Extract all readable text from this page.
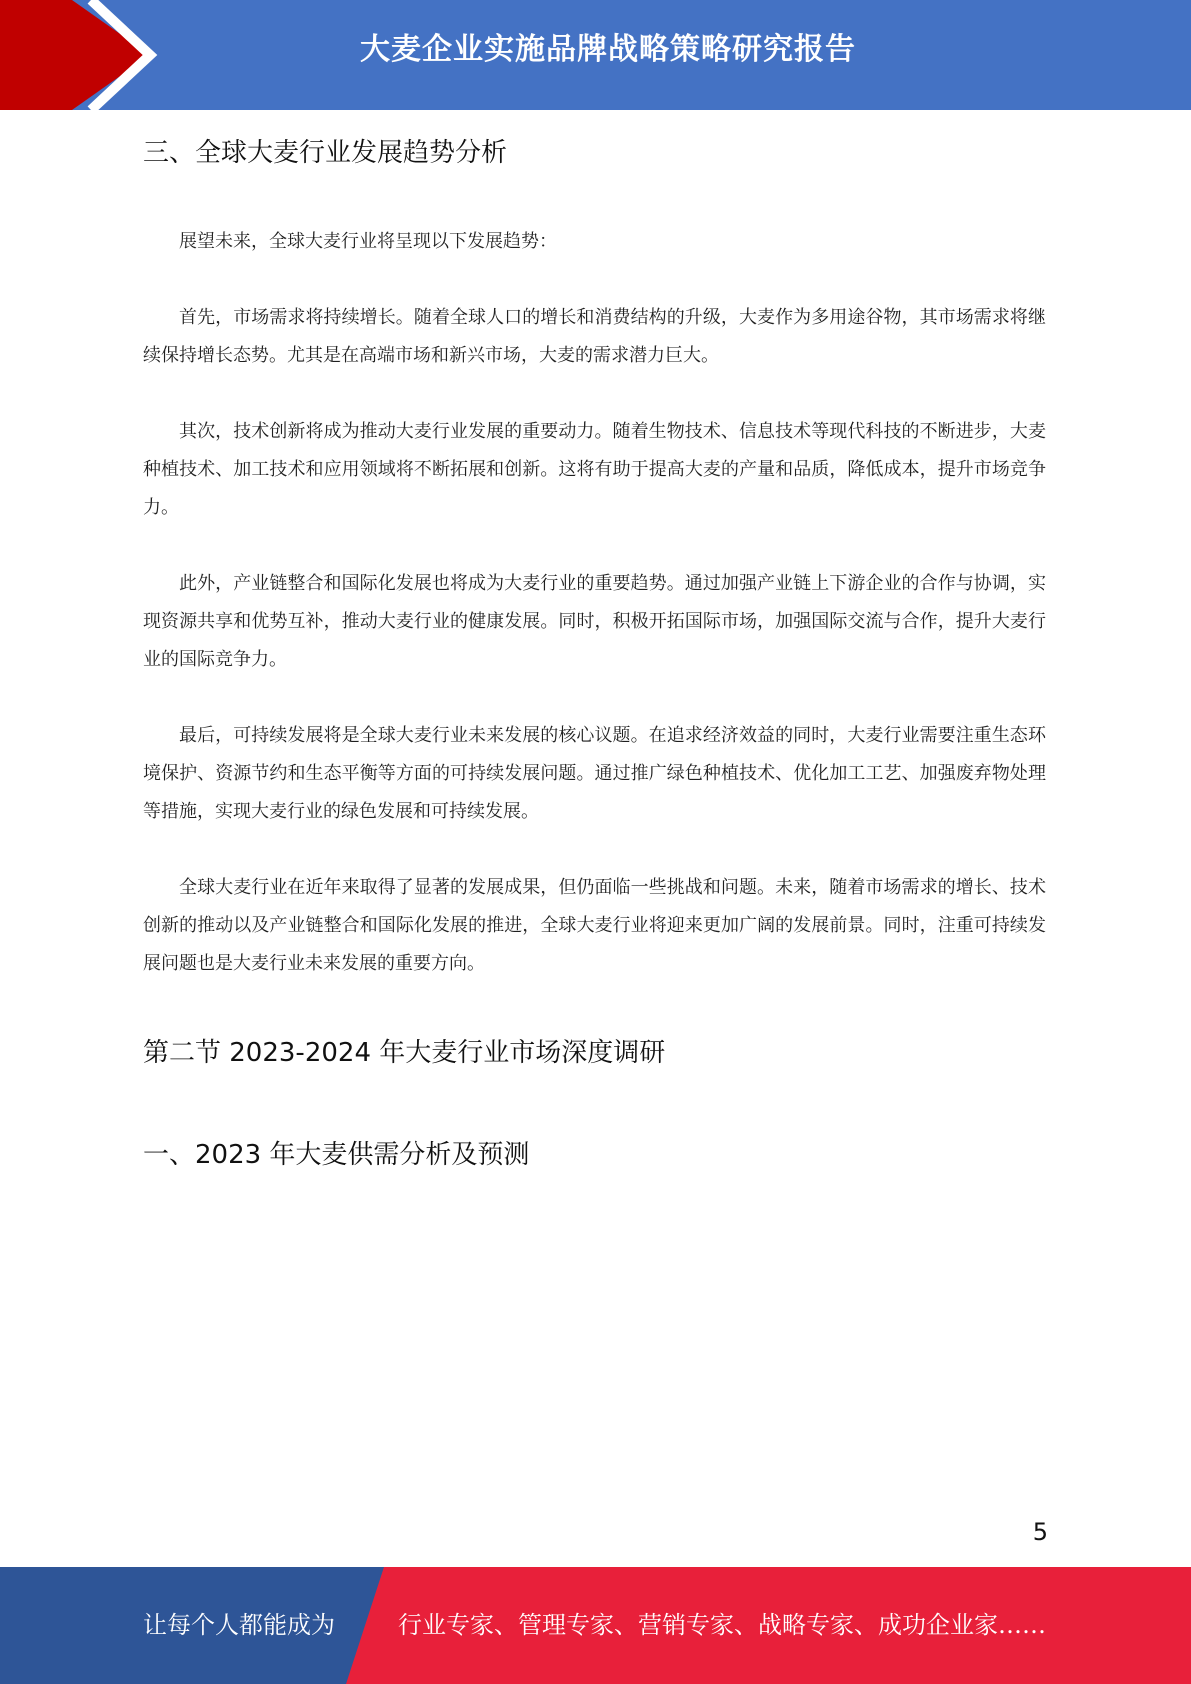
大麦企业实施品牌战略策略研究报告
三、全球大麦行业发展趋势分析

展望未来，全球大麦行业将呈现以下发展趋势：

首先，市场需求将持续增长。随着全球人口的增长和消费结构的升级，大麦作为多用途谷物，其市场需求将继续保持增长态势。尤其是在高端市场和新兴市场，大麦的需求潜力巨大。

其次，技术创新将成为推动大麦行业发展的重要动力。随着生物技术、信息技术等现代科技的不断进步，大麦种植技术、加工技术和应用领域将不断拓展和创新。这将有助于提高大麦的产量和品质，降低成本，提升市场竞争力。

此外，产业链整合和国际化发展也将成为大麦行业的重要趋势。通过加强产业链上下游企业的合作与协调，实现资源共享和优势互补，推动大麦行业的健康发展。同时，积极开拓国际市场，加强国际交流与合作，提升大麦行业的国际竞争力。

最后，可持续发展将是全球大麦行业未来发展的核心议题。在追求经济效益的同时，大麦行业需要注重生态环境保护、资源节约和生态平衡等方面的可持续发展问题。通过推广绿色种植技术、优化加工工艺、加强废弃物处理等措施，实现大麦行业的绿色发展和可持续发展。

全球大麦行业在近年来取得了显著的发展成果，但仍面临一些挑战和问题。未来，随着市场需求的增长、技术创新的推动以及产业链整合和国际化发展的推进，全球大麦行业将迎来更加广阔的发展前景。同时，注重可持续发展问题也是大麦行业未来发展的重要方向。

第二节 2023-2024 年大麦行业市场深度调研
一、2023 年大麦供需分析及预测
5
让每个人都能成为	行业专家、管理专家、营销专家、战略专家、成功企业家……
